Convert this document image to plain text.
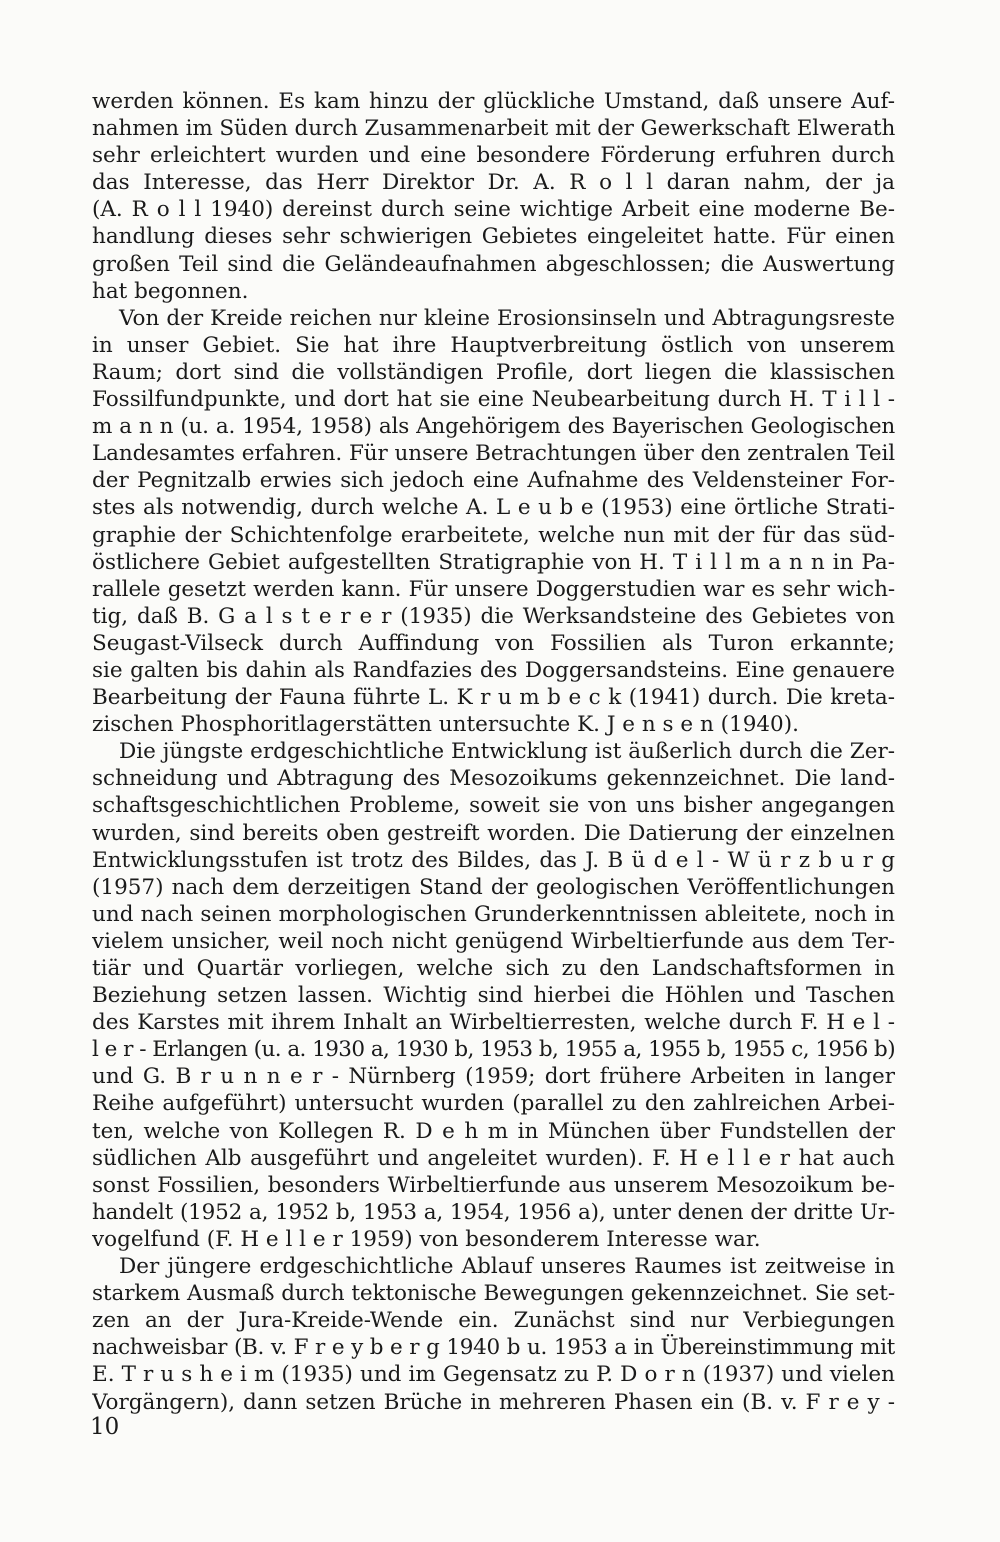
werden können. Es kam hinzu der glückliche Umstand, daß unsere Auf-
nahmen im Süden durch Zusammenarbeit mit der Gewerkschaft Elwerath
sehr erleichtert wurden und eine besondere Förderung erfuhren durch
das Interesse, das Herr Direktor Dr. A. R o l l daran nahm, der ja
(A. R o l l 1940) dereinst durch seine wichtige Arbeit eine moderne Be-
handlung dieses sehr schwierigen Gebietes eingeleitet hatte. Für einen
großen Teil sind die Geländeaufnahmen abgeschlossen; die Auswertung
hat begonnen.
Von der Kreide reichen nur kleine Erosionsinseln und Abtragungsreste
in unser Gebiet. Sie hat ihre Hauptverbreitung östlich von unserem
Raum; dort sind die vollständigen Profile, dort liegen die klassischen
Fossilfundpunkte, und dort hat sie eine Neubearbeitung durch H. T i l l -
m a n n (u. a. 1954, 1958) als Angehörigem des Bayerischen Geologischen
Landesamtes erfahren. Für unsere Betrachtungen über den zentralen Teil
der Pegnitzalb erwies sich jedoch eine Aufnahme des Veldensteiner For-
stes als notwendig, durch welche A. L e u b e (1953) eine örtliche Strati-
graphie der Schichtenfolge erarbeitete, welche nun mit der für das süd-
östlichere Gebiet aufgestellten Stratigraphie von H. T i l l m a n n in Pa-
rallele gesetzt werden kann. Für unsere Doggerstudien war es sehr wich-
tig, daß B. G a l s t e r e r (1935) die Werksandsteine des Gebietes von
Seugast-Vilseck durch Auffindung von Fossilien als Turon erkannte;
sie galten bis dahin als Randfazies des Doggersandsteins. Eine genauere
Bearbeitung der Fauna führte L. K r u m b e c k (1941) durch. Die kreta-
zischen Phosphoritlagerstätten untersuchte K. J e n s e n (1940).
Die jüngste erdgeschichtliche Entwicklung ist äußerlich durch die Zer-
schneidung und Abtragung des Mesozoikums gekennzeichnet. Die land-
schaftsgeschichtlichen Probleme, soweit sie von uns bisher angegangen
wurden, sind bereits oben gestreift worden. Die Datierung der einzelnen
Entwicklungsstufen ist trotz des Bildes, das J. B ü d e l - W ü r z b u r g
(1957) nach dem derzeitigen Stand der geologischen Veröffentlichungen
und nach seinen morphologischen Grunderkenntnissen ableitete, noch in
vielem unsicher, weil noch nicht genügend Wirbeltierfunde aus dem Ter-
tiär und Quartär vorliegen, welche sich zu den Landschaftsformen in
Beziehung setzen lassen. Wichtig sind hierbei die Höhlen und Taschen
des Karstes mit ihrem Inhalt an Wirbeltierresten, welche durch F. H e l -
l e r - Erlangen (u. a. 1930 a, 1930 b, 1953 b, 1955 a, 1955 b, 1955 c, 1956 b)
und G. B r u n n e r - Nürnberg (1959; dort frühere Arbeiten in langer
Reihe aufgeführt) untersucht wurden (parallel zu den zahlreichen Arbei-
ten, welche von Kollegen R. D e h m in München über Fundstellen der
südlichen Alb ausgeführt und angeleitet wurden). F. H e l l e r hat auch
sonst Fossilien, besonders Wirbeltierfunde aus unserem Mesozoikum be-
handelt (1952 a, 1952 b, 1953 a, 1954, 1956 a), unter denen der dritte Ur-
vogelfund (F. H e l l e r 1959) von besonderem Interesse war.
Der jüngere erdgeschichtliche Ablauf unseres Raumes ist zeitweise in
starkem Ausmaß durch tektonische Bewegungen gekennzeichnet. Sie set-
zen an der Jura-Kreide-Wende ein. Zunächst sind nur Verbiegungen
nachweisbar (B. v. F r e y b e r g 1940 b u. 1953 a in Übereinstimmung mit
E. T r u s h e i m (1935) und im Gegensatz zu P. D o r n (1937) und vielen
Vorgängern), dann setzen Brüche in mehreren Phasen ein (B. v. F r e y -
10
